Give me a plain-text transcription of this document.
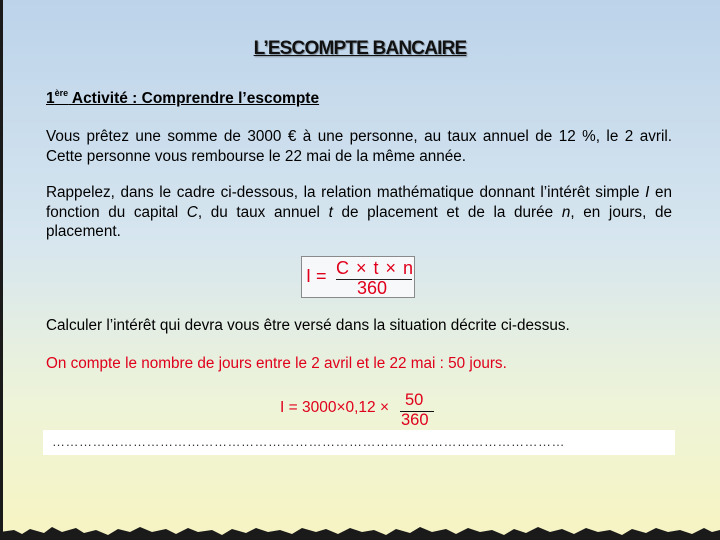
L’ESCOMPTE BANCAIRE
1ère Activité : Comprendre l’escompte
Vous prêtez une somme de 3000 € à une personne, au taux annuel de 12 %, le 2 avril. Cette personne vous rembourse le 22 mai de la même année.
Rappelez, dans le cadre ci-dessous, la relation mathématique donnant l’intérêt simple I en fonction du capital C, du taux annuel t de placement et de la durée n, en jours, de placement.
I = C × t × n
360
Calculer l’intérêt qui devra vous être versé dans la situation décrite ci-dessus.
On compte le nombre de jours entre le 2 avril et le 22 mai : 50 jours.
I = 3000×0,12 × 50
360
……………………………………………………………………………………………………
